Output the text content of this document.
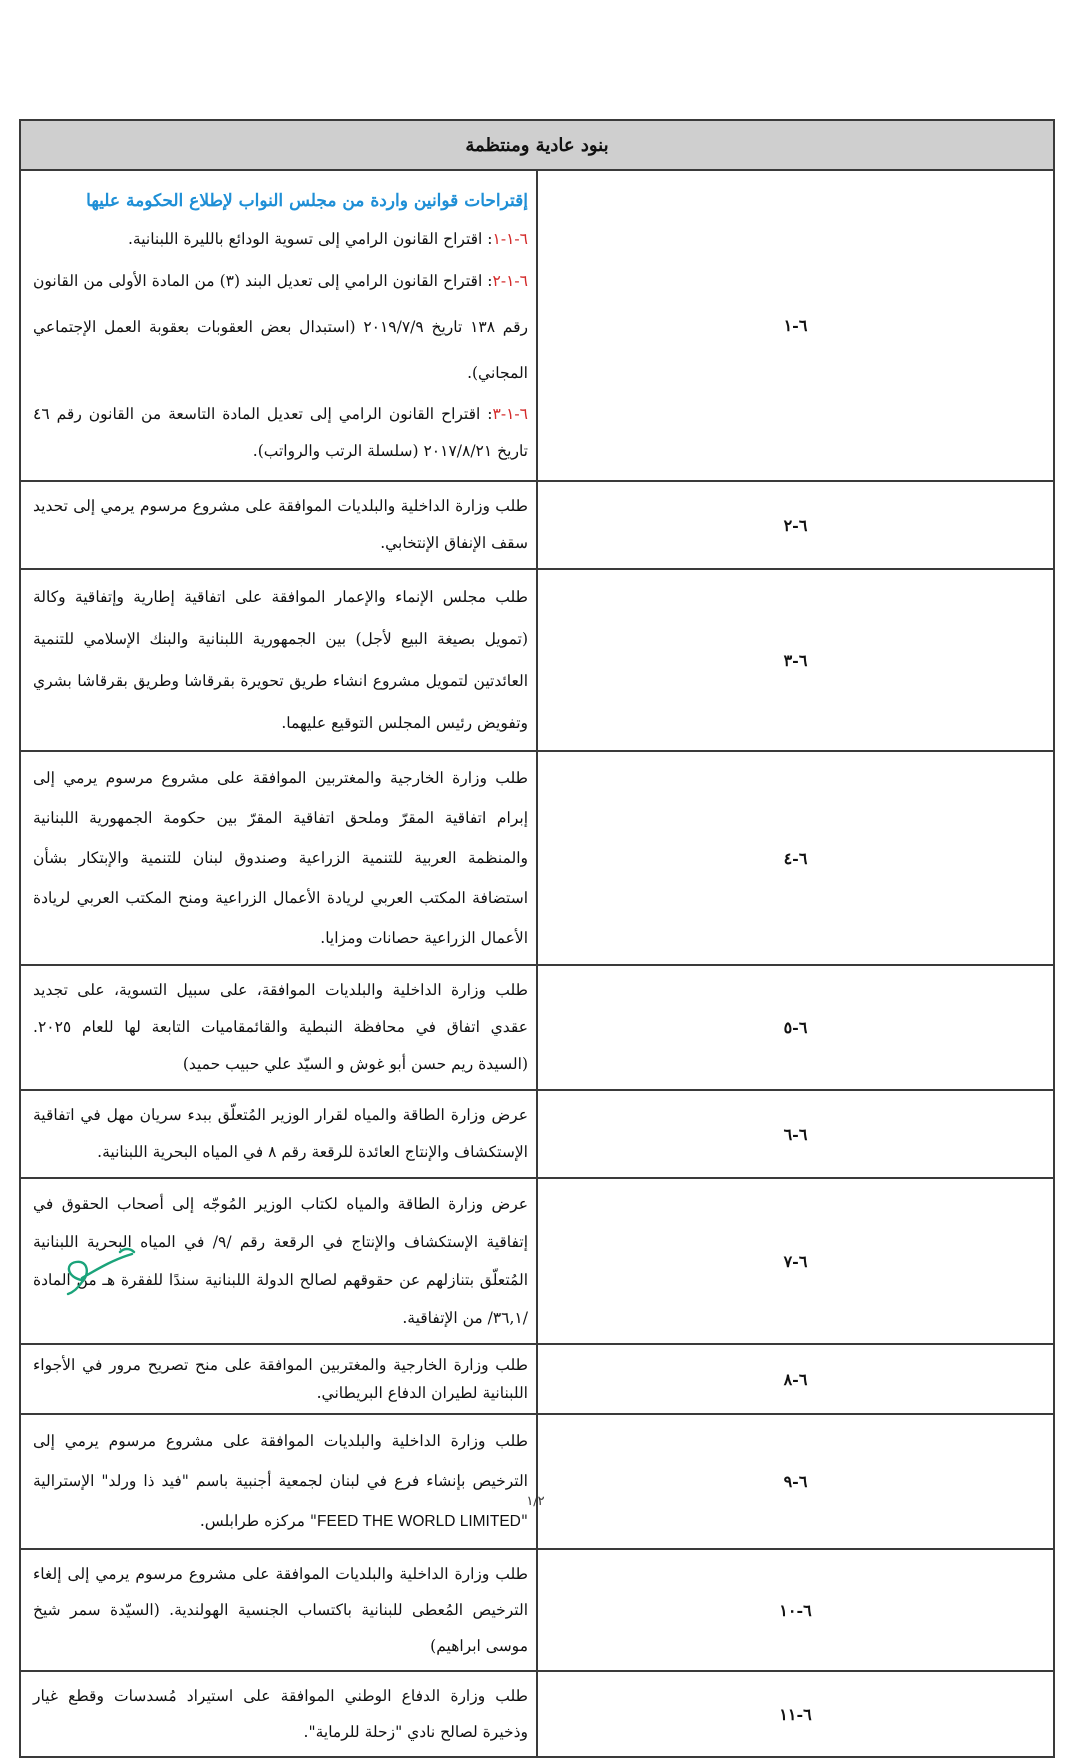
بنود عادية ومنتظمة	
٦-١	إقتراحات قوانين واردة من مجلس النواب لإطلاع الحكومة عليها
٦-١-١: اقتراح القانون الرامي إلى تسوية الودائع بالليرة اللبنانية.
٦-١-٢: اقتراح القانون الرامي إلى تعديل البند (٣) من المادة الأولى من القانون رقم ١٣٨ تاريخ ٢٠١٩/٧/٩ (استبدال بعض العقوبات بعقوبة العمل الإجتماعي المجاني).
٦-١-٣: اقتراح القانون الرامي إلى تعديل المادة التاسعة من القانون رقم ٤٦ تاريخ ٢٠١٧/٨/٢١ (سلسلة الرتب والرواتب).

٦-٢	طلب وزارة الداخلية والبلديات الموافقة على مشروع مرسوم يرمي إلى تحديد سقف الإنفاق الإنتخابي.
٦-٣	طلب مجلس الإنماء والإعمار الموافقة على اتفاقية إطارية وإتفاقية وكالة (تمويل بصيغة البيع لأجل) بين الجمهورية اللبنانية والبنك الإسلامي للتنمية العائدتين لتمويل مشروع انشاء طريق تحويرة بقرقاشا وطريق بقرقاشا بشري وتفويض رئيس المجلس التوقيع عليهما.
٦-٤	طلب وزارة الخارجية والمغتربين الموافقة على مشروع مرسوم يرمي إلى إبرام اتفاقية المقرّ وملحق اتفاقية المقرّ بين حكومة الجمهورية اللبنانية والمنظمة العربية للتنمية الزراعية وصندوق لبنان للتنمية والإبتكار بشأن استضافة المكتب العربي لريادة الأعمال الزراعية ومنح المكتب العربي لريادة الأعمال الزراعية حصانات ومزايا.
٦-٥	طلب وزارة الداخلية والبلديات الموافقة، على سبيل التسوية، على تجديد عقدي اتفاق في محافظة النبطية والقائمقاميات التابعة لها للعام ٢٠٢٥. (السيدة ريم حسن أبو غوش و السيّد علي حبيب حميد)
٦-٦	عرض وزارة الطاقة والمياه لقرار الوزير المُتعلّق ببدء سريان مهل في اتفاقية الإستكشاف والإنتاج العائدة للرقعة رقم ٨ في المياه البحرية اللبنانية.
٦-٧	عرض وزارة الطاقة والمياه لكتاب الوزير المُوجّه إلى أصحاب الحقوق في إتفاقية الإستكشاف والإنتاج في الرقعة رقم /٩/ في المياه البحرية اللبنانية المُتعلّق بتنازلهم عن حقوقهم لصالح الدولة اللبنانية سندًا للفقرة هـ من المادة /٣٦,١/ من الإتفاقية.
٦-٨	طلب وزارة الخارجية والمغتربين الموافقة على منح تصريح مرور في الأجواء اللبنانية لطيران الدفاع البريطاني.
٦-٩	طلب وزارة الداخلية والبلديات الموافقة على مشروع مرسوم يرمي إلى الترخيص بإنشاء فرع في لبنان لجمعية أجنبية باسم "فيد ذا ورلد" الإسترالية "FEED THE WORLD LIMITED" مركزه طرابلس.
٦-١٠	طلب وزارة الداخلية والبلديات الموافقة على مشروع مرسوم يرمي إلى إلغاء الترخيص المُعطى للبنانية باكتساب الجنسية الهولندية. (السيّدة سمر شيخ موسى ابراهيم)
٦-١١	طلب وزارة الدفاع الوطني الموافقة على استيراد مُسدسات وقطع غيار وذخيرة لصالح نادي "زحلة للرماية".
١/٢
